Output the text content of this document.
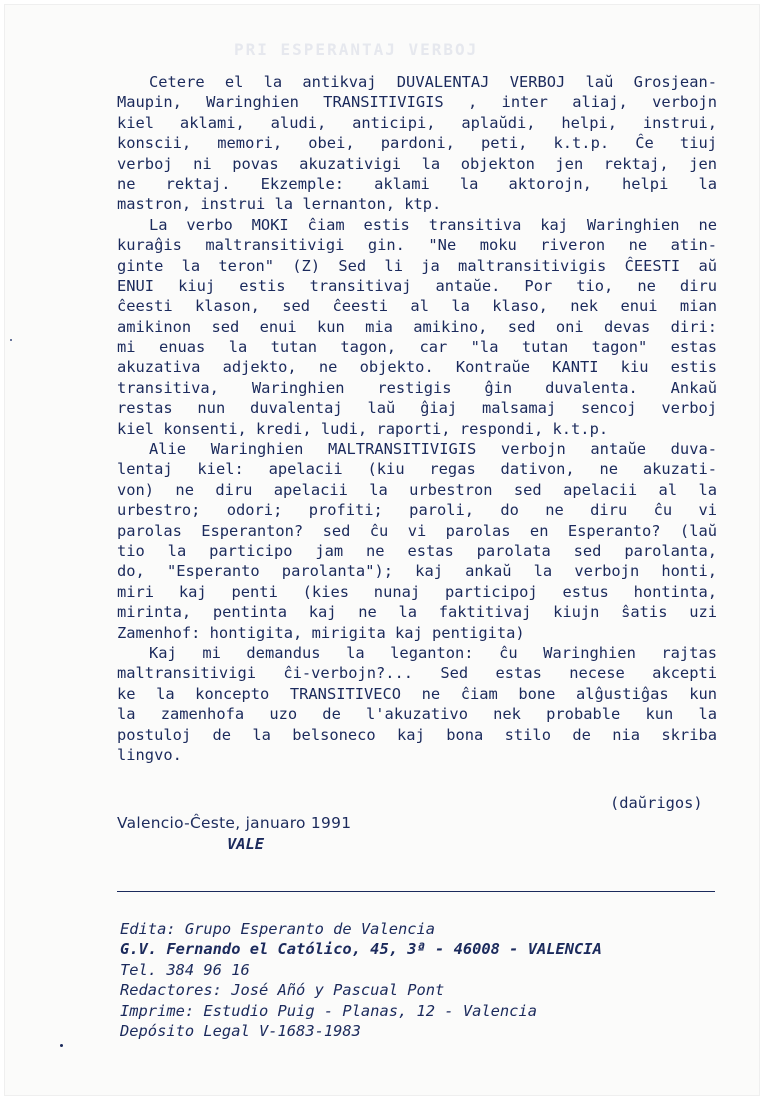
PRI ESPERANTAJ VERBOJ
Cetere el la antikvaj DUVALENTAJ VERBOJ laŭ Grosjean-
Maupin, Waringhien TRANSITIVIGIS , inter aliaj, verbojn
kiel aklami, aludi, anticipi, aplaŭdi, helpi, instrui,
konscii, memori, obei, pardoni, peti, k.t.p. Ĉe tiuj
verboj ni povas akuzativigi la objekton jen rektaj, jen
ne rektaj. Ekzemple: aklami la aktorojn, helpi la
mastron, instrui la lernanton, ktp.
La verbo MOKI ĉiam estis transitiva kaj Waringhien ne
kuraĝis maltransitivigi gin. "Ne moku riveron ne atin-
ginte la teron" (Z) Sed li ja maltransitivigis ĈEESTI aŭ
ENUI kiuj estis transitivaj antaŭe. Por tio, ne diru
ĉeesti klason, sed ĉeesti al la klaso, nek enui mian
amikinon sed enui kun mia amikino, sed oni devas diri:
mi enuas la tutan tagon, car "la tutan tagon" estas
akuzativa adjekto, ne objekto. Kontraŭe KANTI kiu estis
transitiva, Waringhien restigis ĝin duvalenta. Ankaŭ
restas nun duvalentaj laŭ ĝiaj malsamaj sencoj verboj
kiel konsenti, kredi, ludi, raporti, respondi, k.t.p.
Alie Waringhien MALTRANSITIVIGIS verbojn antaŭe duva-
lentaj kiel: apelacii (kiu regas dativon, ne akuzati-
von) ne diru apelacii la urbestron sed apelacii al la
urbestro; odori; profiti; paroli, do ne diru ĉu vi
parolas Esperanton? sed ĉu vi parolas en Esperanto? (laŭ
tio la participo jam ne estas parolata sed parolanta,
do, "Esperanto parolanta"); kaj ankaŭ la verbojn honti,
miri kaj penti (kies nunaj participoj estus hontinta,
mirinta, pentinta kaj ne la faktitivaj kiujn ŝatis uzi
Zamenhof: hontigita, mirigita kaj pentigita)
Kaj mi demandus la leganton: ĉu Waringhien rajtas
maltransitivigi ĉi-verbojn?... Sed estas necese akcepti
ke la koncepto TRANSITIVECO ne ĉiam bone alĝustiĝas kun
la zamenhofa uzo de l'akuzativo nek probable kun la
postuloj de la belsoneco kaj bona stilo de nia skriba
lingvo.
(daŭrigos)
Valencio-Ĉeste, januaro 1991
VALE
Edita: Grupo Esperanto de Valencia
G.V. Fernando el Católico, 45, 3ª - 46008 - VALENCIA
Tel. 384 96 16
Redactores: José Añó y Pascual Pont
Imprime: Estudio Puig - Planas, 12 - Valencia
Depósito Legal V-1683-1983
